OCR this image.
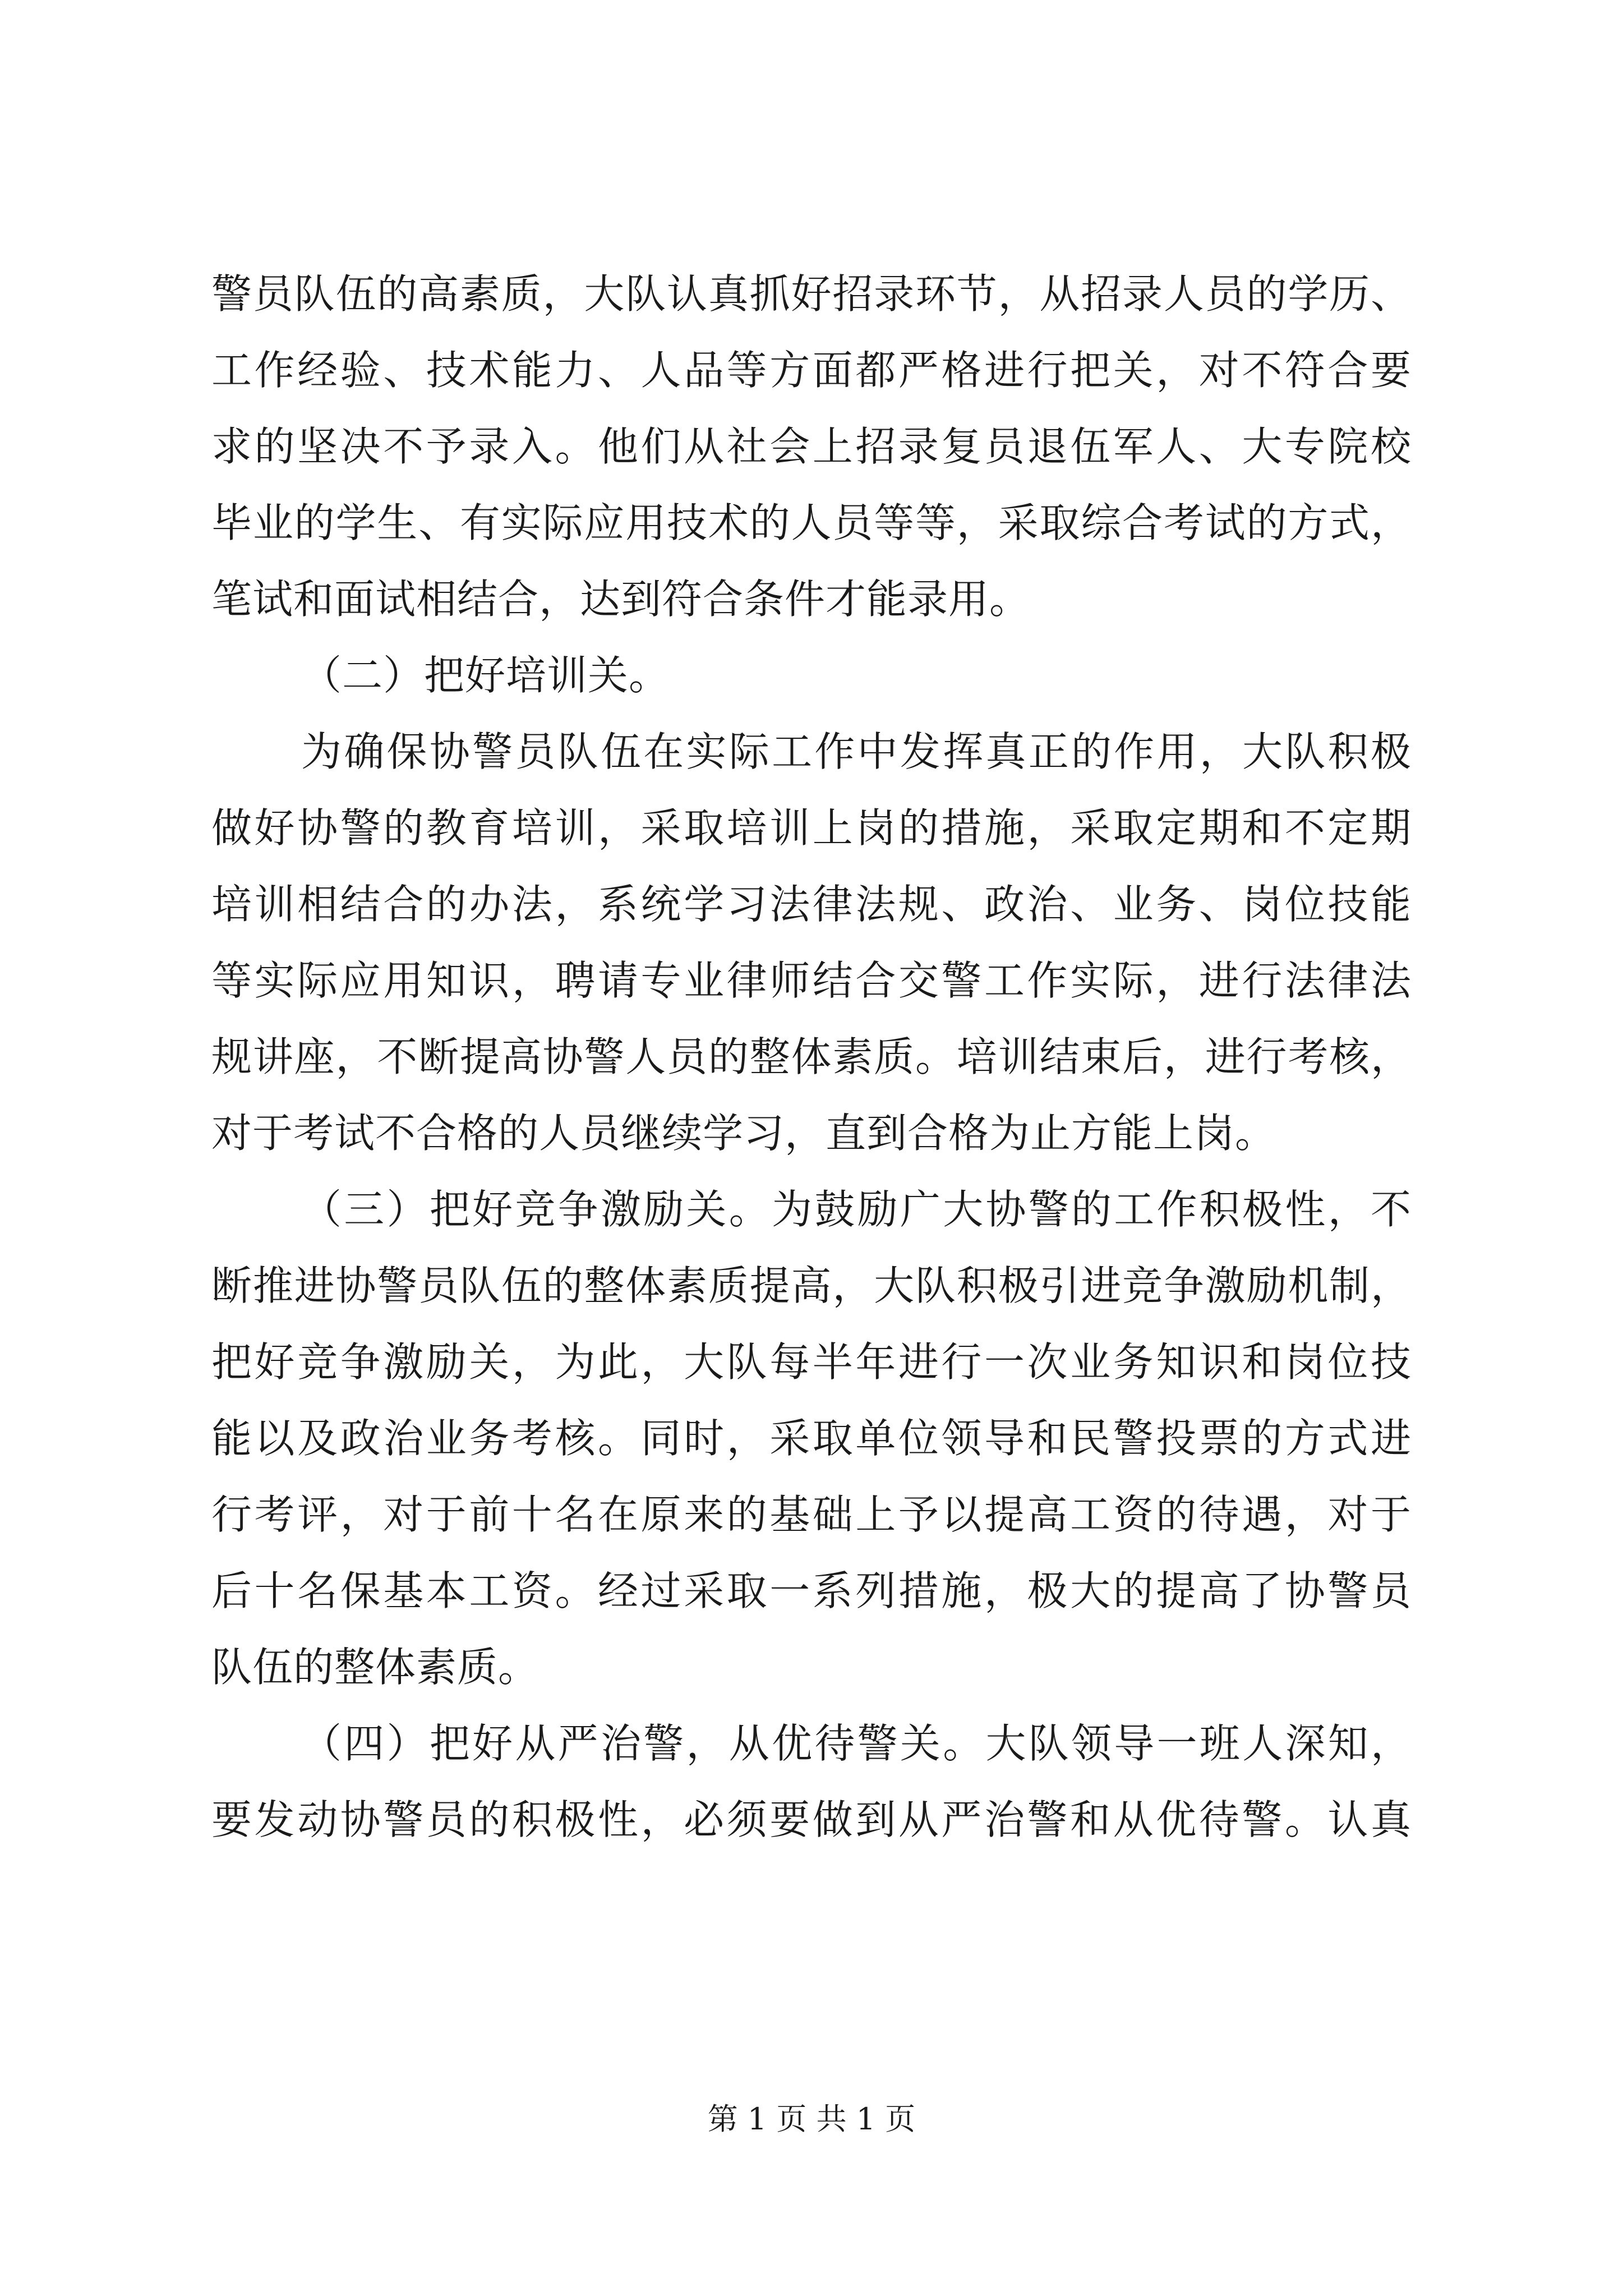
警员队伍的高素质，大队认真抓好招录环节，从招录人员的学历、
工作经验、技术能力、人品等方面都严格进行把关，对不符合要
求的坚决不予录入。他们从社会上招录复员退伍军人、大专院校
毕业的学生、有实际应用技术的人员等等，采取综合考试的方式，
笔试和面试相结合，达到符合条件才能录用。
（二）把好培训关。
为确保协警员队伍在实际工作中发挥真正的作用，大队积极
做好协警的教育培训，采取培训上岗的措施，采取定期和不定期
培训相结合的办法，系统学习法律法规、政治、业务、岗位技能
等实际应用知识，聘请专业律师结合交警工作实际，进行法律法
规讲座，不断提高协警人员的整体素质。培训结束后，进行考核，
对于考试不合格的人员继续学习，直到合格为止方能上岗。
（三）把好竞争激励关。为鼓励广大协警的工作积极性，不
断推进协警员队伍的整体素质提高，大队积极引进竞争激励机制，
把好竞争激励关，为此，大队每半年进行一次业务知识和岗位技
能以及政治业务考核。同时，采取单位领导和民警投票的方式进
行考评，对于前十名在原来的基础上予以提高工资的待遇，对于
后十名保基本工资。经过采取一系列措施，极大的提高了协警员
队伍的整体素质。
（四）把好从严治警，从优待警关。大队领导一班人深知，
要发动协警员的积极性，必须要做到从严治警和从优待警。认真
第 1 页 共 1 页
